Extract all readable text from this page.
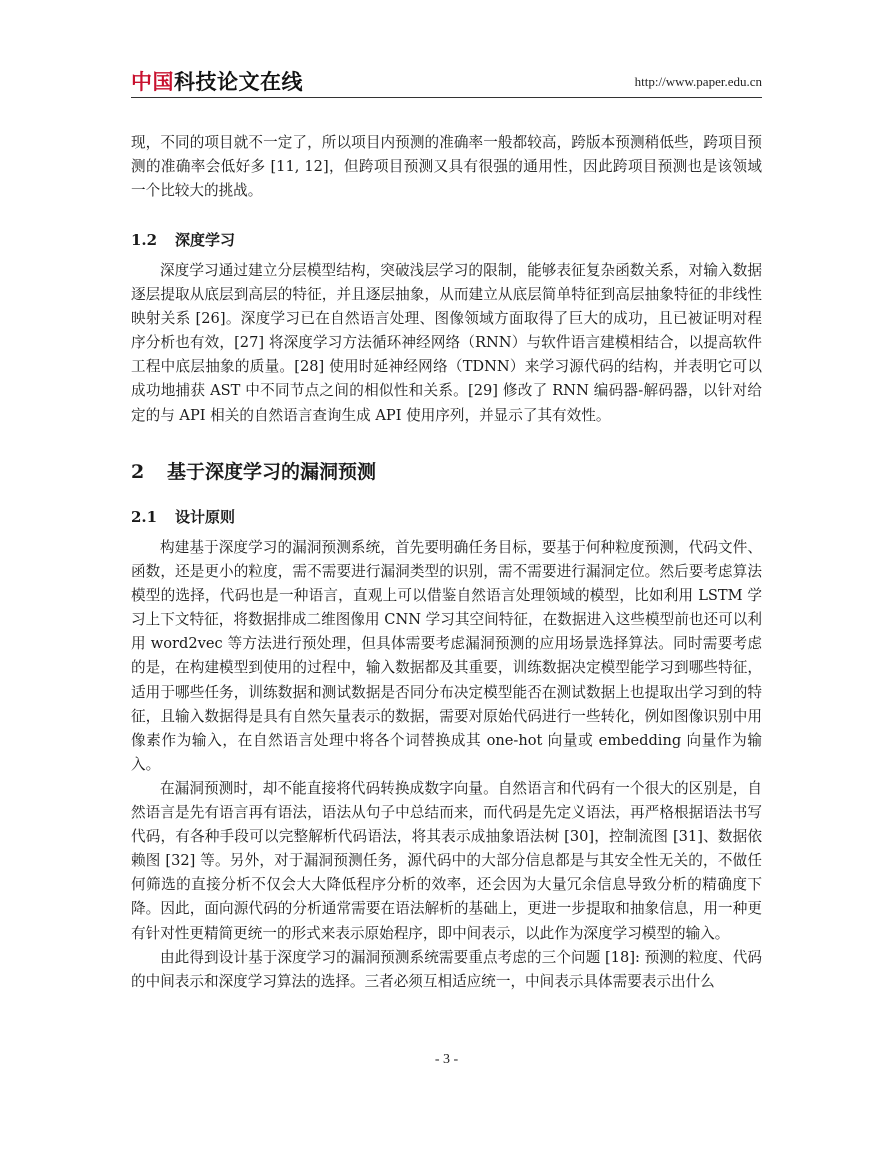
中国 科技论文在线	http://www.paper.edu.cn

现，不同的项目就不一定了，所以项目内预测的准确率一般都较高，跨版本预测稍低些，跨项目预测的准确率会低好多 [11, 12]，但跨项目预测又具有很强的通用性，因此跨项目预测也是该领域一个比较大的挑战。

1.2 深度学习

深度学习通过建立分层模型结构，突破浅层学习的限制，能够表征复杂函数关系，对输入数据逐层提取从底层到高层的特征，并且逐层抽象，从而建立从底层简单特征到高层抽象特征的非线性映射关系 [26]。深度学习已在自然语言处理、图像领域方面取得了巨大的成功，且已被证明对程序分析也有效，[27] 将深度学习方法循环神经网络（RNN）与软件语言建模相结合，以提高软件工程中底层抽象的质量。[28] 使用时延神经网络（TDNN）来学习源代码的结构，并表明它可以成功地捕获 AST 中不同节点之间的相似性和关系。[29] 修改了 RNN 编码器-解码器，以针对给定的与 API 相关的自然语言查询生成 API 使用序列，并显示了其有效性。

2 基于深度学习的漏洞预测
2.1 设计原则

构建基于深度学习的漏洞预测系统，首先要明确任务目标，要基于何种粒度预测，代码文件、函数，还是更小的粒度，需不需要进行漏洞类型的识别，需不需要进行漏洞定位。然后要考虑算法模型的选择，代码也是一种语言，直观上可以借鉴自然语言处理领域的模型，比如利用 LSTM 学习上下文特征，将数据排成二维图像用 CNN 学习其空间特征，在数据进入这些模型前也还可以利用 word2vec 等方法进行预处理，但具体需要考虑漏洞预测的应用场景选择算法。同时需要考虑的是，在构建模型到使用的过程中，输入数据都及其重要，训练数据决定模型能学习到哪些特征，适用于哪些任务，训练数据和测试数据是否同分布决定模型能否在测试数据上也提取出学习到的特征，且输入数据得是具有自然矢量表示的数据，需要对原始代码进行一些转化，例如图像识别中用像素作为输入，在自然语言处理中将各个词替换成其 one-hot 向量或 embedding 向量作为输入。

在漏洞预测时，却不能直接将代码转换成数字向量。自然语言和代码有一个很大的区别是，自然语言是先有语言再有语法，语法从句子中总结而来，而代码是先定义语法，再严格根据语法书写代码，有各种手段可以完整解析代码语法，将其表示成抽象语法树 [30]，控制流图 [31]、数据依赖图 [32] 等。另外，对于漏洞预测任务，源代码中的大部分信息都是与其安全性无关的，不做任何筛选的直接分析不仅会大大降低程序分析的效率，还会因为大量冗余信息导致分析的精确度下降。因此，面向源代码的分析通常需要在语法解析的基础上，更进一步提取和抽象信息，用一种更有针对性更精简更统一的形式来表示原始程序，即中间表示，以此作为深度学习模型的输入。

由此得到设计基于深度学习的漏洞预测系统需要重点考虑的三个问题 [18]: 预测的粒度、代码的中间表示和深度学习算法的选择。三者必须互相适应统一，中间表示具体需要表示出什么

- 3 -
